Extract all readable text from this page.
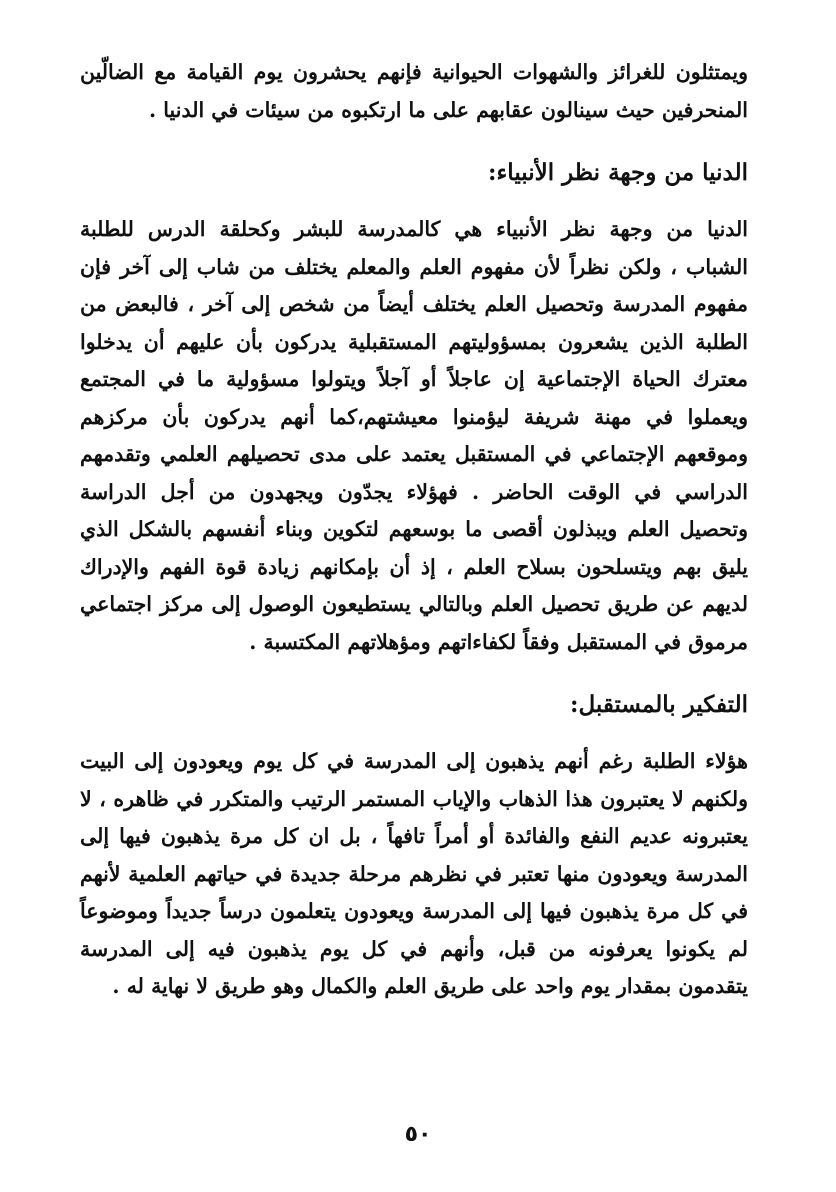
ويمتثلون للغرائز والشهوات الحيوانية فإنهم يحشرون يوم القيامة مع الضالّين المنحرفين حيث سينالون عقابهم على ما ارتكبوه من سيئات في الدنيا .

الدنيا من وجهة نظر الأنبياء:

الدنيا من وجهة نظر الأنبياء هي كالمدرسة للبشر وكحلقة الدرس للطلبة الشباب ، ولكن نظراً لأن مفهوم العلم والمعلم يختلف من شاب إلى آخر فإن مفهوم المدرسة وتحصيل العلم يختلف أيضاً من شخص إلى آخر ، فالبعض من الطلبة الذين يشعرون بمسؤوليتهم المستقبلية يدركون بأن عليهم أن يدخلوا معترك الحياة الإجتماعية إن عاجلاً أو آجلاً ويتولوا مسؤولية ما في المجتمع ويعملوا في مهنة شريفة ليؤمنوا معيشتهم،كما أنهم يدركون بأن مركزهم وموقعهم الإجتماعي في المستقبل يعتمد على مدى تحصيلهم العلمي وتقدمهم الدراسي في الوقت الحاضر . فهؤلاء يجدّون ويجهدون من أجل الدراسة وتحصيل العلم ويبذلون أقصى ما بوسعهم لتكوين وبناء أنفسهم بالشكل الذي يليق بهم ويتسلحون بسلاح العلم ، إذ أن بإمكانهم زيادة قوة الفهم والإدراك لديهم عن طريق تحصيل العلم وبالتالي يستطيعون الوصول إلى مركز اجتماعي مرموق في المستقبل وفقاً لكفاءاتهم ومؤهلاتهم المكتسبة .

التفكير بالمستقبل:

هؤلاء الطلبة رغم أنهم يذهبون إلى المدرسة في كل يوم ويعودون إلى البيت ولكنهم لا يعتبرون هذا الذهاب والإياب المستمر الرتيب والمتكرر في ظاهره ، لا يعتبرونه عديم النفع والفائدة أو أمراً تافهاً ، بل ان كل مرة يذهبون فيها إلى المدرسة ويعودون منها تعتبر في نظرهم مرحلة جديدة في حياتهم العلمية لأنهم في كل مرة يذهبون فيها إلى المدرسة ويعودون يتعلمون درساً جديداً وموضوعاً لم يكونوا يعرفونه من قبل، وأنهم في كل يوم يذهبون فيه إلى المدرسة يتقدمون بمقدار يوم واحد على طريق العلم والكمال وهو طريق لا نهاية له .

٥٠
